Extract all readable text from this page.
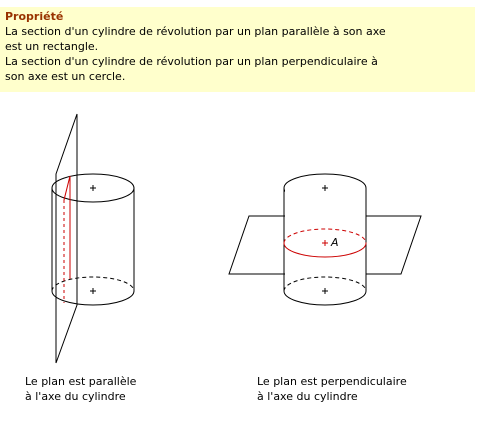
Propriété
La section d'un cylindre de révolution par un plan parallèle à son axe
est un rectangle.
La section d'un cylindre de révolution par un plan perpendiculaire à
son axe est un cercle.
A
Le plan est parallèle
à l'axe du cylindre
Le plan est perpendiculaire
à l'axe du cylindre
